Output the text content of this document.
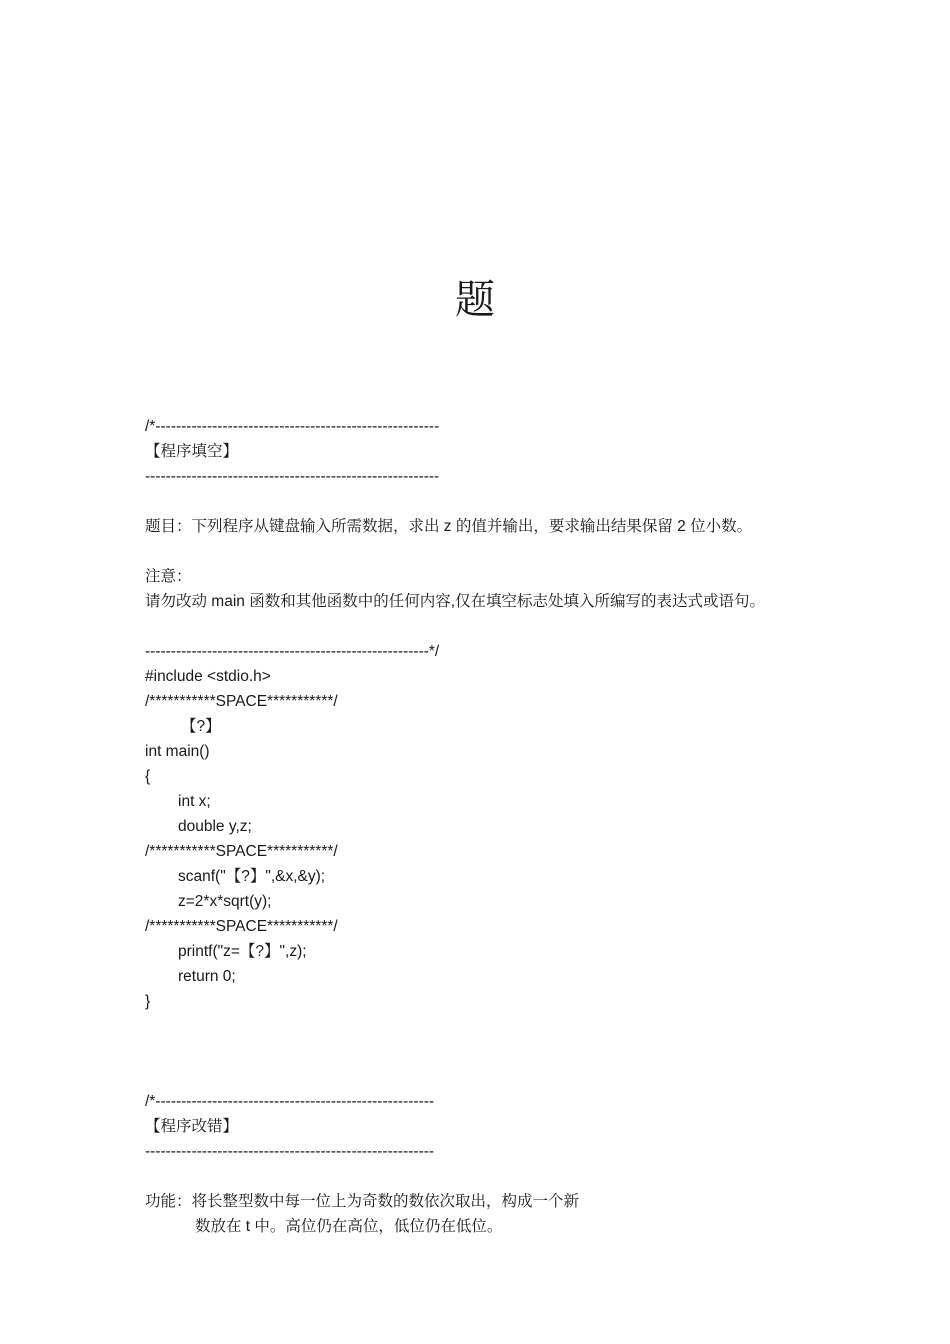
题
/*-------------------------------------------------------
【程序填空】
---------------------------------------------------------
题目：下列程序从键盘输入所需数据，求出 z 的值并输出，要求输出结果保留 2 位小数。
注意：
请勿改动 main 函数和其他函数中的任何内容,仅在填空标志处填入所编写的表达式或语句。
-------------------------------------------------------*/
#include <stdio.h>
/***********SPACE***********/
【?】
int main()
{
int x;
double y,z;
/***********SPACE***********/
scanf("【?】",&x,&y);
z=2*x*sqrt(y);
/***********SPACE***********/
printf("z=【?】",z);
return 0;
}
/*------------------------------------------------------
【程序改错】
--------------------------------------------------------
功能：将长整型数中每一位上为奇数的数依次取出，构成一个新
数放在 t 中。高位仍在高位，低位仍在低位。
